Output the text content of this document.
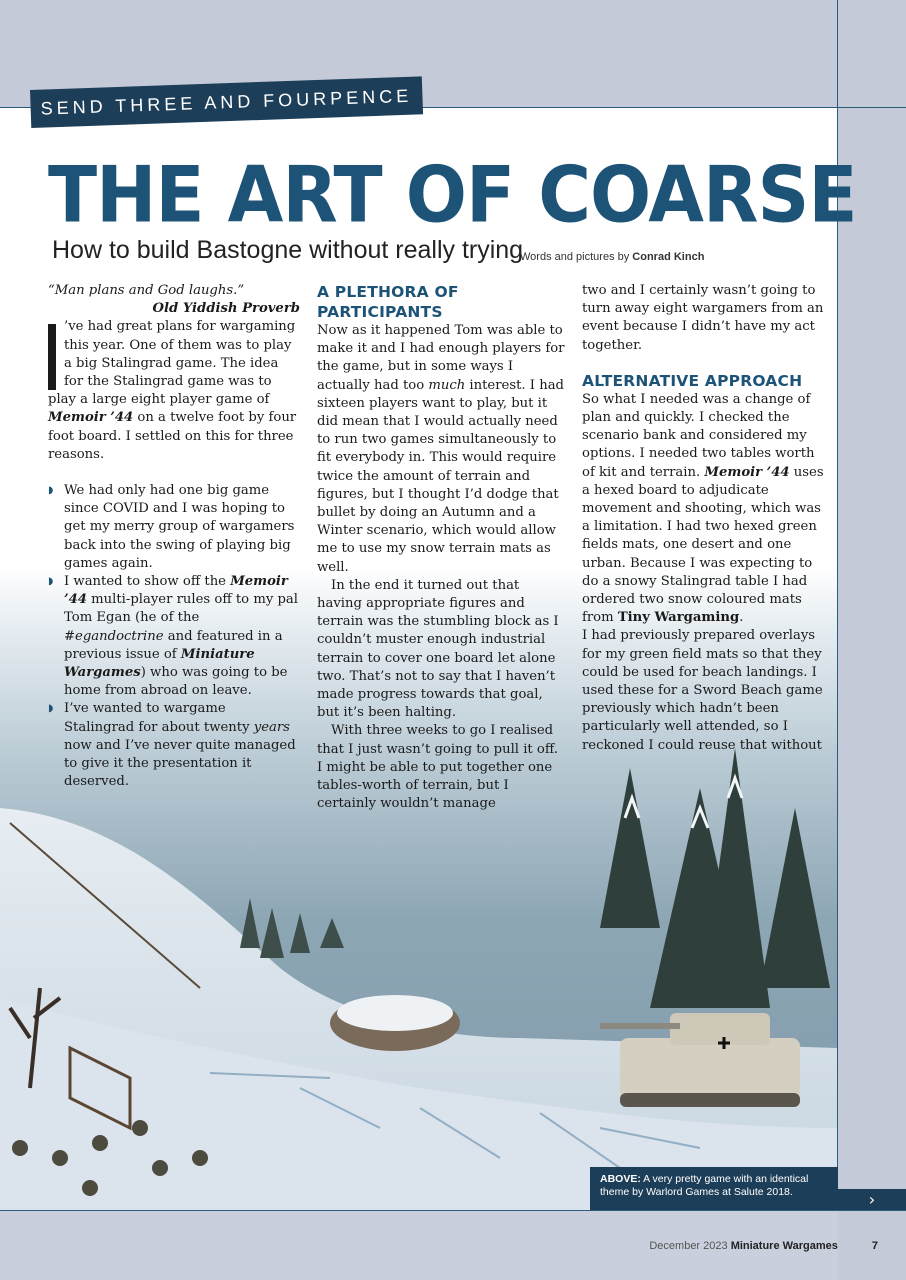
SEND THREE AND FOURPENCE
THE ART OF COARSE
How to build Bastogne without really trying
Words and pictures by Conrad Kinch

“Man plans and God laughs.”

Old Yiddish Proverb

’ve had great plans for wargaming this year. One of them was to play a big Stalingrad game. The idea for the Stalingrad game was to play a large eight player game of Memoir ’44 on a twelve foot by four foot board. I settled on this for three reasons.

◗ We had only had one big game since COVID and I was hoping to get my merry group of wargamers back into the swing of playing big games again.
◗ I wanted to show off the Memoir ’44 multi-player rules off to my pal Tom Egan (he of the #egandoctrine and featured in a previous issue of Miniature Wargames) who was going to be home from abroad on leave.
◗ I’ve wanted to wargame Stalingrad for about twenty years now and I’ve never quite managed to give it the presentation it deserved.

A PLETHORA OF PARTICIPANTS

Now as it happened Tom was able to make it and I had enough players for the game, but in some ways I actually had too much interest. I had sixteen players want to play, but it did mean that I would actually need to run two games simultaneously to fit everybody in. This would require twice the amount of terrain and figures, but I thought I’d dodge that bullet by doing an Autumn and a Winter scenario, which would allow me to use my snow terrain mats as well.

In the end it turned out that having appropriate figures and terrain was the stumbling block as I couldn’t muster enough industrial terrain to cover one board let alone two. That’s not to say that I haven’t made progress towards that goal, but it’s been halting.

With three weeks to go I realised that I just wasn’t going to pull it off. I might be able to put together one tables-worth of terrain, but I certainly wouldn’t manage

two and I certainly wasn’t going to turn away eight wargamers from an event because I didn’t have my act together.

ALTERNATIVE APPROACH

So what I needed was a change of plan and quickly. I checked the scenario bank and considered my options. I needed two tables worth of kit and terrain. Memoir ’44 uses a hexed board to adjudicate movement and shooting, which was a limitation. I had two hexed green fields mats, one desert and one urban. Because I was expecting to do a snowy Stalingrad table I had ordered two snow coloured mats from Tiny Wargaming.

I had previously prepared overlays for my green field mats so that they could be used for beach landings. I used these for a Sword Beach game previously which hadn’t been particularly well attended, so I reckoned I could reuse that without

ABOVE: A very pretty game with an identical theme by Warlord Games at Salute 2018.	›
December 2023 Miniature Wargames	7
